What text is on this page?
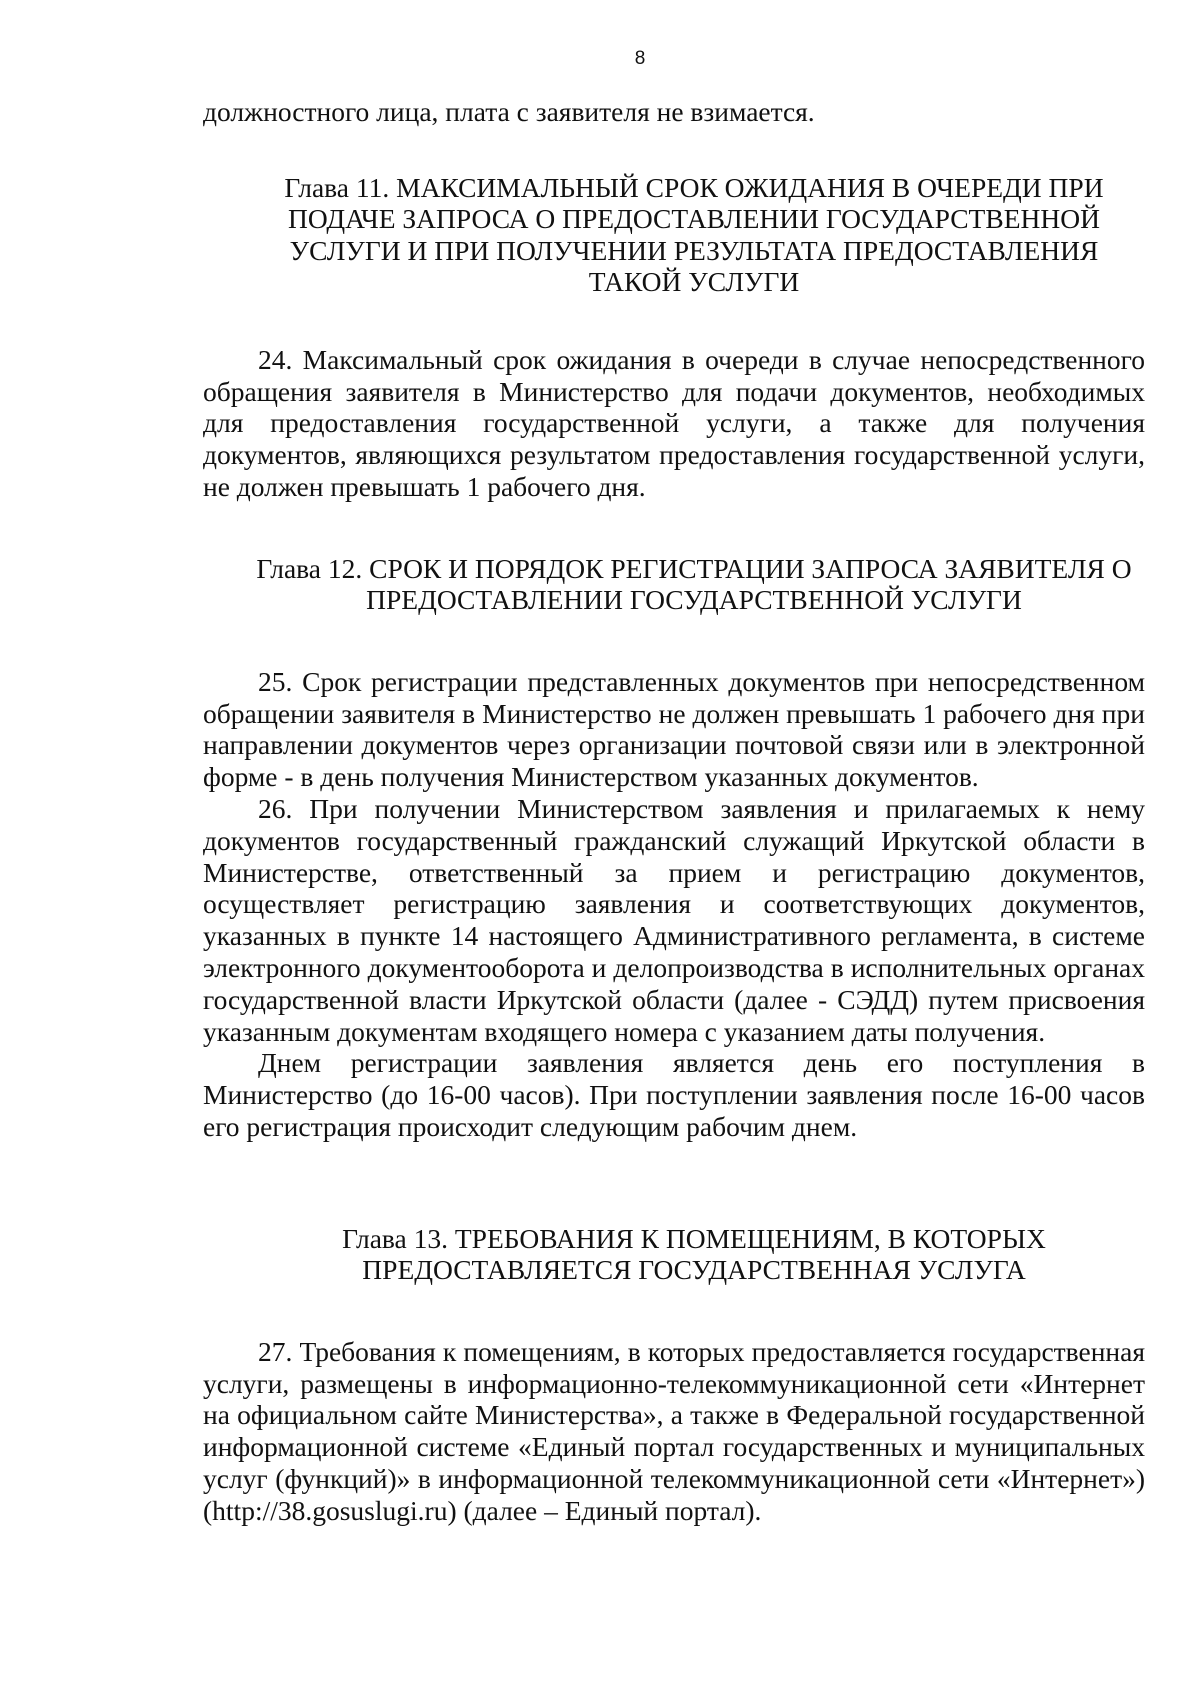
8

должностного лица, плата с заявителя не взимается.

Глава 11. МАКСИМАЛЬНЫЙ СРОК ОЖИДАНИЯ В ОЧЕРЕДИ ПРИ ПОДАЧЕ ЗАПРОСА О ПРЕДОСТАВЛЕНИИ ГОСУДАРСТВЕННОЙ УСЛУГИ И ПРИ ПОЛУЧЕНИИ РЕЗУЛЬТАТА ПРЕДОСТАВЛЕНИЯ ТАКОЙ УСЛУГИ

24. Максимальный срок ожидания в очереди в случае непосредственного обращения заявителя в Министерство для подачи документов, необходимых для предоставления государственной услуги, а также для получения документов, являющихся результатом предоставления государственной услуги, не должен превышать 1 рабочего дня.

Глава 12. СРОК И ПОРЯДОК РЕГИСТРАЦИИ ЗАПРОСА ЗАЯВИТЕЛЯ О ПРЕДОСТАВЛЕНИИ ГОСУДАРСТВЕННОЙ УСЛУГИ

25. Срок регистрации представленных документов при непосредственном обращении заявителя в Министерство не должен превышать 1 рабочего дня при направлении документов через организации почтовой связи или в электронной форме - в день получения Министерством указанных документов.

26. При получении Министерством заявления и прилагаемых к нему документов государственный гражданский служащий Иркутской области в Министерстве, ответственный за прием и регистрацию документов, осуществляет регистрацию заявления и соответствующих документов, указанных в пункте 14 настоящего Административного регламента, в системе электронного документооборота и делопроизводства в исполнительных органах государственной власти Иркутской области (далее - СЭДД) путем присвоения указанным документам входящего номера с указанием даты получения.

Днем регистрации заявления является день его поступления в Министерство (до 16-00 часов). При поступлении заявления после 16-00 часов его регистрация происходит следующим рабочим днем.

Глава 13. ТРЕБОВАНИЯ К ПОМЕЩЕНИЯМ, В КОТОРЫХ ПРЕДОСТАВЛЯЕТСЯ ГОСУДАРСТВЕННАЯ УСЛУГА

27. Требования к помещениям, в которых предоставляется государственная услуги, размещены в информационно-телекоммуникационной сети «Интернет на официальном сайте Министерства», а также в Федеральной государственной информационной системе «Единый портал государственных и муниципальных услуг (функций)» в информационной телекоммуникационной сети «Интернет») (http://38.gosuslugi.ru) (далее – Единый портал).
